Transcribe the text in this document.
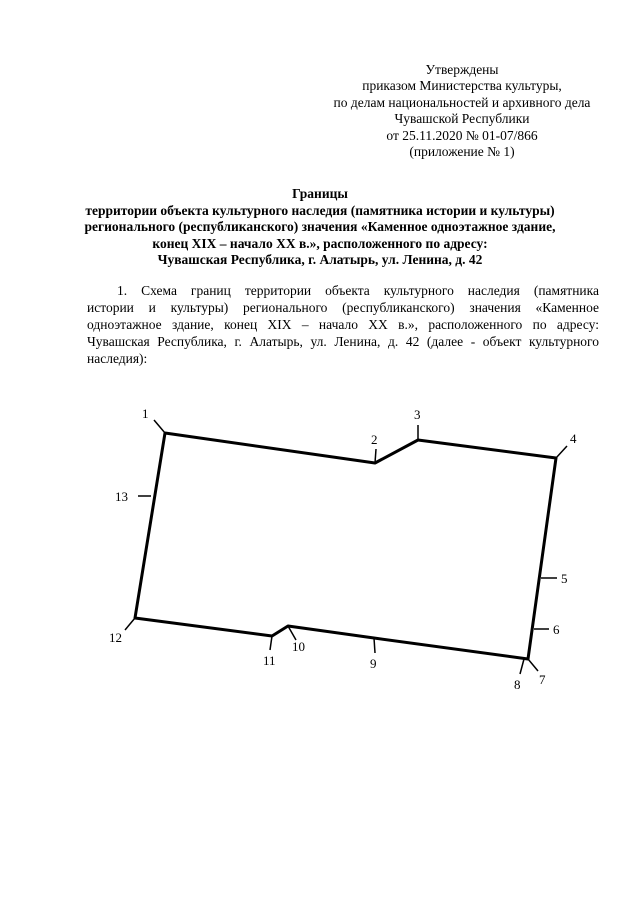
Утверждены
приказом Министерства культуры,
по делам национальностей и архивного дела
Чувашской Республики
от 25.11.2020 № 01-07/866
(приложение № 1)
Границы
территории объекта культурного наследия (памятника истории и культуры)
регионального (республиканского) значения «Каменное одноэтажное здание,
конец XIX – начало XX в.», расположенного по адресу:
Чувашская Республика, г. Алатырь, ул. Ленина, д. 42
1. Схема границ территории объекта культурного наследия (памятника
истории и культуры) регионального (республиканского) значения «Каменное
одноэтажное здание, конец XIX – начало XX в.», расположенного по адресу:
Чувашская Республика, г. Алатырь, ул. Ленина, д. 42 (далее - объект культурного
наследия):
1
2
3
4
5
6
7
8
9
10
11
12
13
